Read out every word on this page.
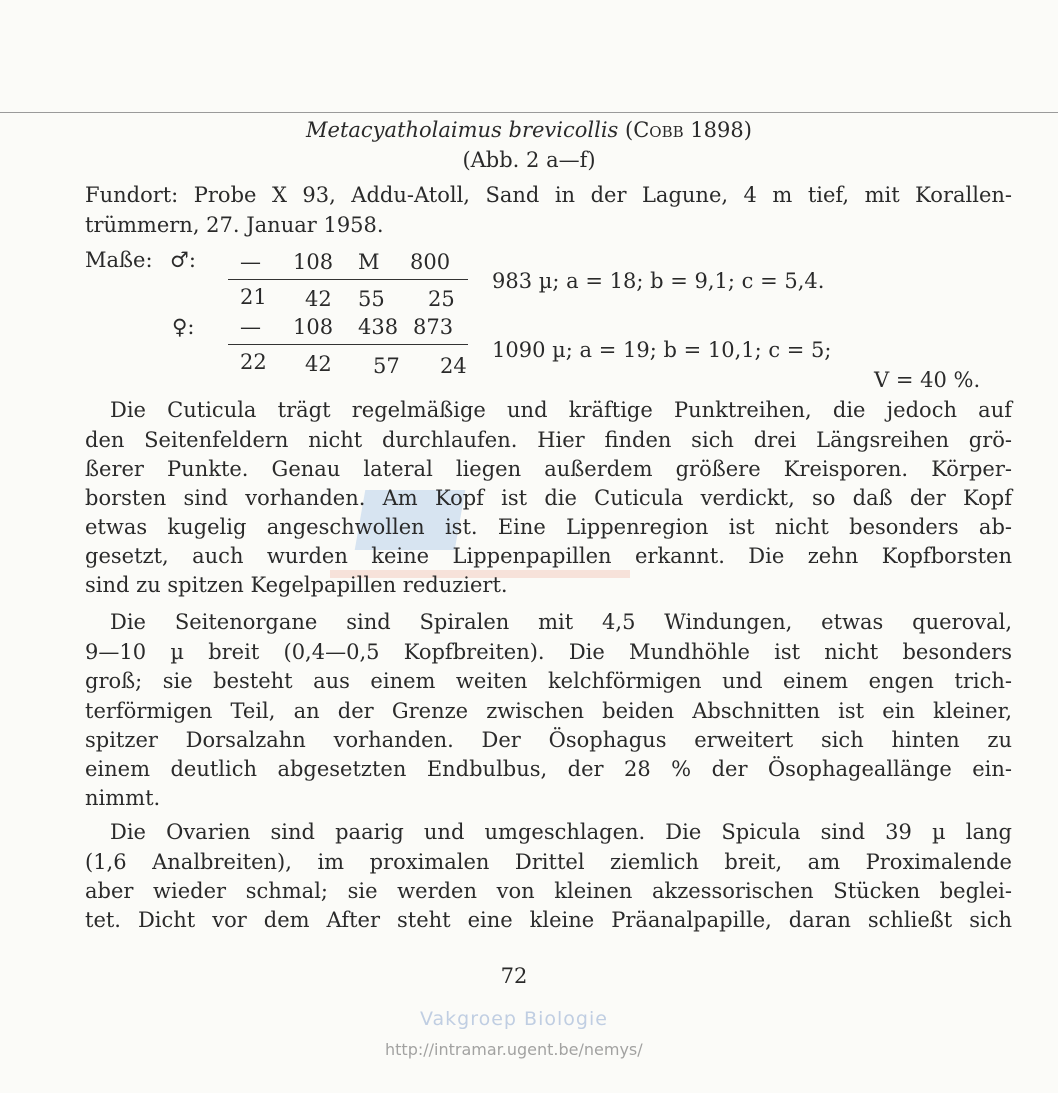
Vakgroep Biologie
http://intramar.ugent.be/nemys/
Metacyatholaimus brevicollis (Cobb 1898)
(Abb. 2 a—f)
Fundort: Probe X 93, Addu-Atoll, Sand in der Lagune, 4 m tief, mit Korallen-
trümmern, 27. Januar 1958.
Maße: ♂: — 108 M 800
21 42 55 25
983 µ; a = 18; b = 9,1; c = 5,4.
♀: — 108 438 873
22 42 57 24
1090 µ; a = 19; b = 10,1; c = 5;
V = 40 %.
Die Cuticula trägt regelmäßige und kräftige Punktreihen, die jedoch auf
den Seitenfeldern nicht durchlaufen. Hier finden sich drei Längsreihen grö-
ßerer Punkte. Genau lateral liegen außerdem größere Kreisporen. Körper-
borsten sind vorhanden. Am Kopf ist die Cuticula verdickt, so daß der Kopf
etwas kugelig angeschwollen ist. Eine Lippenregion ist nicht besonders ab-
gesetzt, auch wurden keine Lippenpapillen erkannt. Die zehn Kopfborsten
sind zu spitzen Kegelpapillen reduziert.
Die Seitenorgane sind Spiralen mit 4,5 Windungen, etwas queroval,
9—10 µ breit (0,4—0,5 Kopfbreiten). Die Mundhöhle ist nicht besonders
groß; sie besteht aus einem weiten kelchförmigen und einem engen trich-
terförmigen Teil, an der Grenze zwischen beiden Abschnitten ist ein kleiner,
spitzer Dorsalzahn vorhanden. Der Ösophagus erweitert sich hinten zu
einem deutlich abgesetzten Endbulbus, der 28 % der Ösophageallänge ein-
nimmt.
Die Ovarien sind paarig und umgeschlagen. Die Spicula sind 39 µ lang
(1,6 Analbreiten), im proximalen Drittel ziemlich breit, am Proximalende
aber wieder schmal; sie werden von kleinen akzessorischen Stücken beglei-
tet. Dicht vor dem After steht eine kleine Präanalpapille, daran schließt sich
72
